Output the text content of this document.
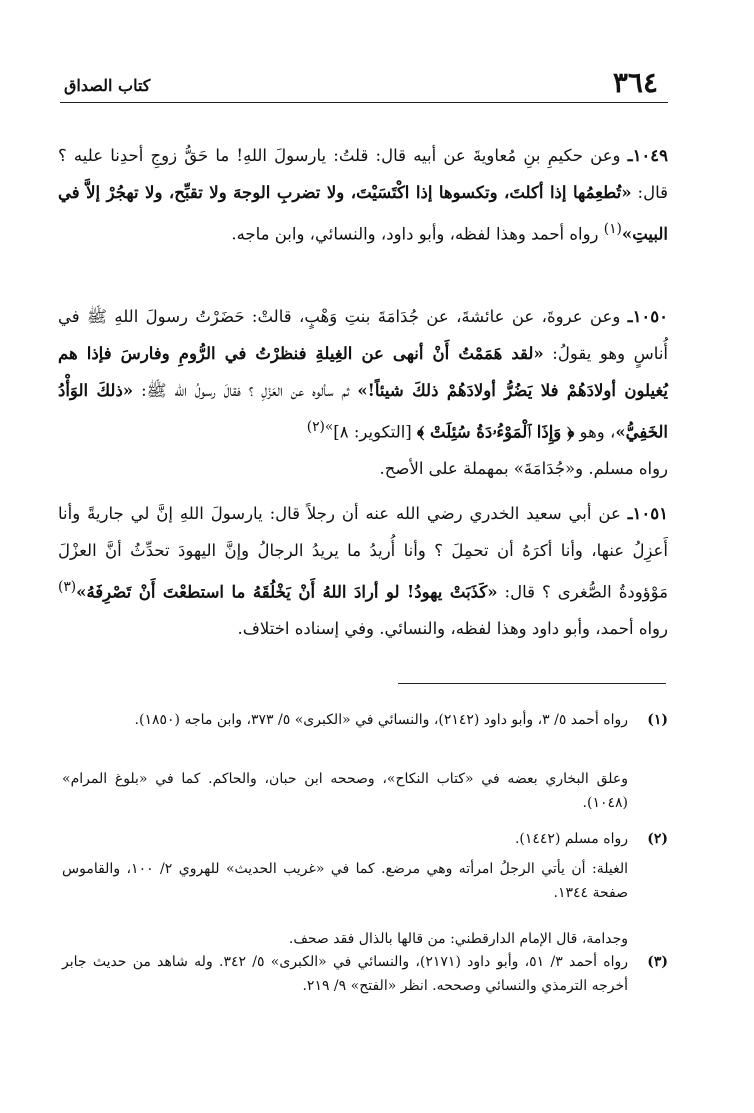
٣٦٤
كتاب الصداق

١٠٤٩ـ وعن حكيمِ بنِ مُعاويةَ عن أبيه قال: قلتُ: يارسولَ اللهِ! ما حَقُّ زوجِ أحدِنا عليه ؟ قال: «تُطعِمُها إذا أكلتَ، وتكسوها إذا اكْتَسَيْتَ، ولا تضربِ الوجهَ ولا تقبِّح، ولا تهجُرْ إلاَّ في البيتِ»$^{(١)}$ رواه أحمد وهذا لفظه، وأبو داود، والنسائي، وابن ماجه.

١٠٥٠ـ وعن عروةَ، عن عائشةَ، عن جُدَامَةَ بنتِ وَهْبٍ، قالتْ: حَضَرْتُ رسولَ اللهِ ﷺ في أُناسٍ وهو يقولُ: «لقد هَمَمْتُ أَنْ أنهى عن الغِيلةِ فنظرْتُ في الرُّومِ وفارسَ فإذا هم يُغيلون أولادَهُمْ فلا يَضُرُّ أولادَهُمْ ذلكَ شيئاً!» ثم سألوه عن العَزْلِ ؟ فقالَ رسولُ الله ﷺ: «ذلكَ الوَأْدُ الخَفِيُّ»، وهو ﴿ وَإِذَا ٱلْمَوْءُۥدَةُ سُئِلَتْ ﴾ [التكوير: ٨]$^{»(٢)}$
رواه مسلم. و«جُدَامَةَ» بمهملة على الأصح.

١٠٥١ـ عن أبي سعيد الخدري رضي الله عنه أن رجلاً قال: يارسولَ اللهِ إنَّ لي جاريةً وأنا أَعزِلُ عنها، وأنا أكرَهُ أن تحمِلَ ؟ وأنا أُريدُ ما يريدُ الرجالُ وإنَّ اليهودَ تحدِّثُ أنَّ العزْلَ مَوْؤودةُ الصُّغرى ؟ قال: «كَذَبَتْ يهودُ! لو أرادَ اللهُ أَنْ يَخْلُقَهُ ما استطعْتَ أَنْ تَصْرِفَهُ»$^{(٣)}$ رواه أحمد، وأبو داود وهذا لفظه، والنسائي. وفي إسناده اختلاف.

(١)
رواه أحمد ٥/ ٣، وأبو داود (٢١٤٢)، والنسائي في «الكبرى» ٥/ ٣٧٣، وابن ماجه (١٨٥٠).
وعلق البخاري بعضه في «كتاب النكاح»، وصححه ابن حبان، والحاكم. كما في «بلوغ المرام» (١٠٤٨).
(٢)
رواه مسلم (١٤٤٢).
الغيلة: أن يأتي الرجلُ امرأته وهي مرضع. كما في «غريب الحديث» للهروي ٢/ ١٠٠، والقاموس صفحة ١٣٤٤.
وجدامة، قال الإمام الدارقطني: من قالها بالذال فقد صحف.
(٣)
رواه أحمد ٣/ ٥١، وأبو داود (٢١٧١)، والنسائي في «الكبرى» ٥/ ٣٤٢. وله شاهد من حديث جابر أخرجه الترمذي والنسائي وصححه. انظر «الفتح» ٩/ ٢١٩.
